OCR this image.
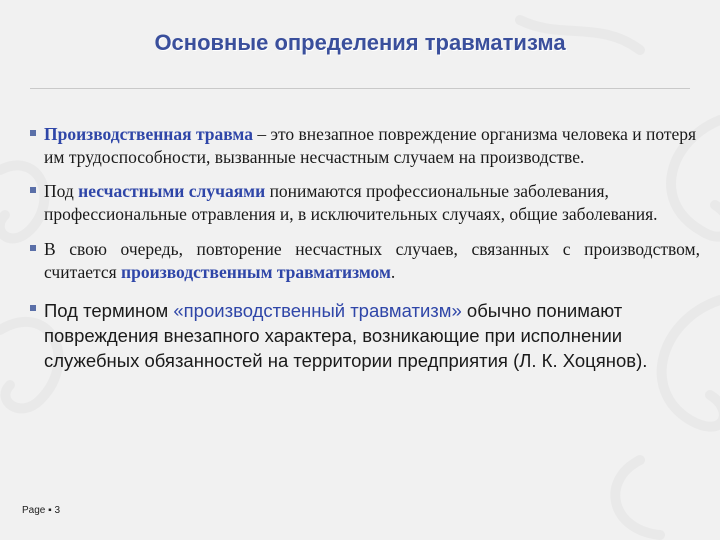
Основные определения травматизма
Производственная травма – это внезапное повреждение организма человека и потеря им трудоспособности, вызванные несчастным случаем на производстве.
Под несчастными случаями понимаются профессиональные заболевания, профессиональные отравления и, в исключительных случаях, общие заболевания.
В свою очередь, повторение несчастных случаев, связанных с производством, считается производственным травматизмом.
Под термином «производственный травматизм» обычно понимают повреждения внезапного характера, возникающие при исполнении служебных обязанностей на территории предприятия (Л. К. Хоцянов).
Page ▪ 3
